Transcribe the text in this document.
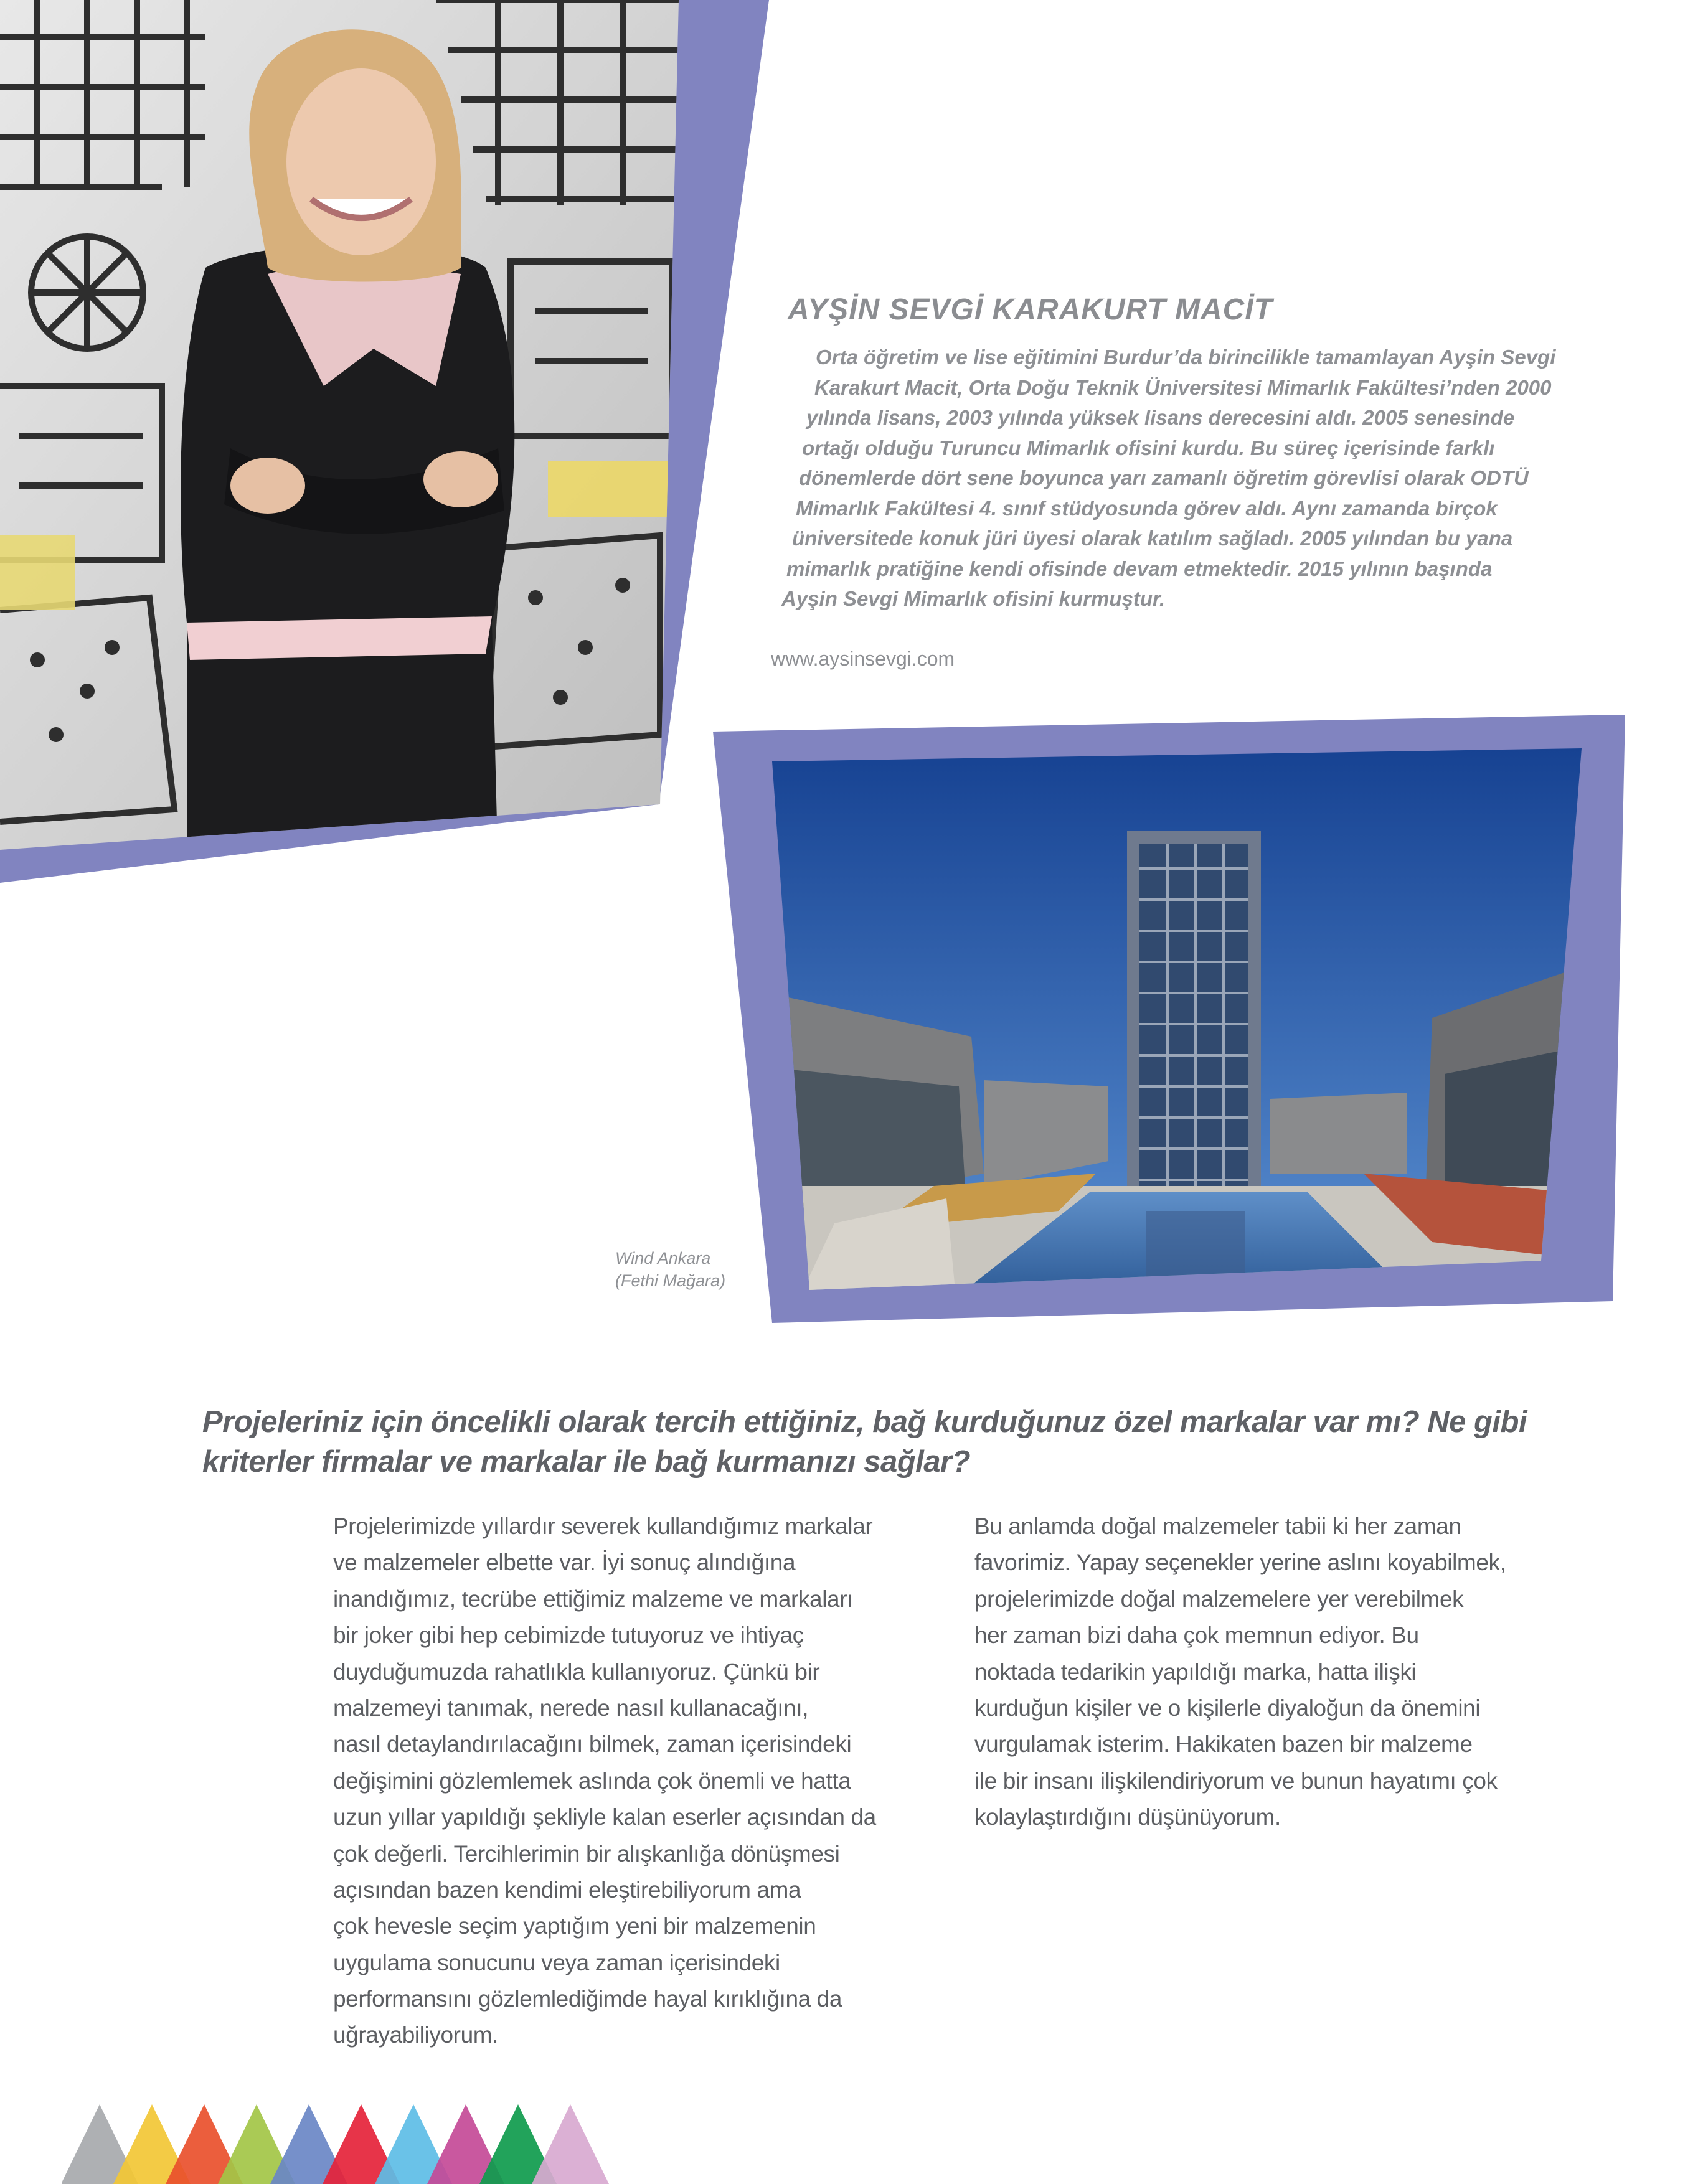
AYŞİN SEVGİ KARAKURT MACİT
Orta öğretim ve lise eğitimini Burdur’da birincilikle tamamlayan Ayşin Sevgi
Karakurt Macit, Orta Doğu Teknik Üniversitesi Mimarlık Fakültesi’nden 2000
yılında lisans, 2003 yılında yüksek lisans derecesini aldı. 2005 senesinde
ortağı olduğu Turuncu Mimarlık ofisini kurdu. Bu süreç içerisinde farklı
dönemlerde dört sene boyunca yarı zamanlı öğretim görevlisi olarak ODTÜ
Mimarlık Fakültesi 4. sınıf stüdyosunda görev aldı. Aynı zamanda birçok
üniversitede konuk jüri üyesi olarak katılım sağladı. 2005 yılından bu yana
mimarlık pratiğine kendi ofisinde devam etmektedir. 2015 yılının başında
Ayşin Sevgi Mimarlık ofisini kurmuştur.
www.aysinsevgi.com
Wind Ankara
(Fethi Mağara)
Projeleriniz için öncelikli olarak tercih ettiğiniz, bağ kurduğunuz özel markalar var mı? Ne gibi
kriterler firmalar ve markalar ile bağ kurmanızı sağlar?
Projelerimizde yıllardır severek kullandığımız markalar
ve malzemeler elbette var. İyi sonuç alındığına
inandığımız, tecrübe ettiğimiz malzeme ve markaları
bir joker gibi hep cebimizde tutuyoruz ve ihtiyaç
duyduğumuzda rahatlıkla kullanıyoruz. Çünkü bir
malzemeyi tanımak, nerede nasıl kullanacağını,
nasıl detaylandırılacağını bilmek, zaman içerisindeki
değişimini gözlemlemek aslında çok önemli ve hatta
uzun yıllar yapıldığı şekliyle kalan eserler açısından da
çok değerli. Tercihlerimin bir alışkanlığa dönüşmesi
açısından bazen kendimi eleştirebiliyorum ama
çok hevesle seçim yaptığım yeni bir malzemenin
uygulama sonucunu veya zaman içerisindeki
performansını gözlemlediğimde hayal kırıklığına da
uğrayabiliyorum.
Bu anlamda doğal malzemeler tabii ki her zaman
favorimiz. Yapay seçenekler yerine aslını koyabilmek,
projelerimizde doğal malzemelere yer verebilmek
her zaman bizi daha çok memnun ediyor. Bu
noktada tedarikin yapıldığı marka, hatta ilişki
kurduğun kişiler ve o kişilerle diyaloğun da önemini
vurgulamak isterim. Hakikaten bazen bir malzeme
ile bir insanı ilişkilendiriyorum ve bunun hayatımı çok
kolaylaştırdığını düşünüyorum.
